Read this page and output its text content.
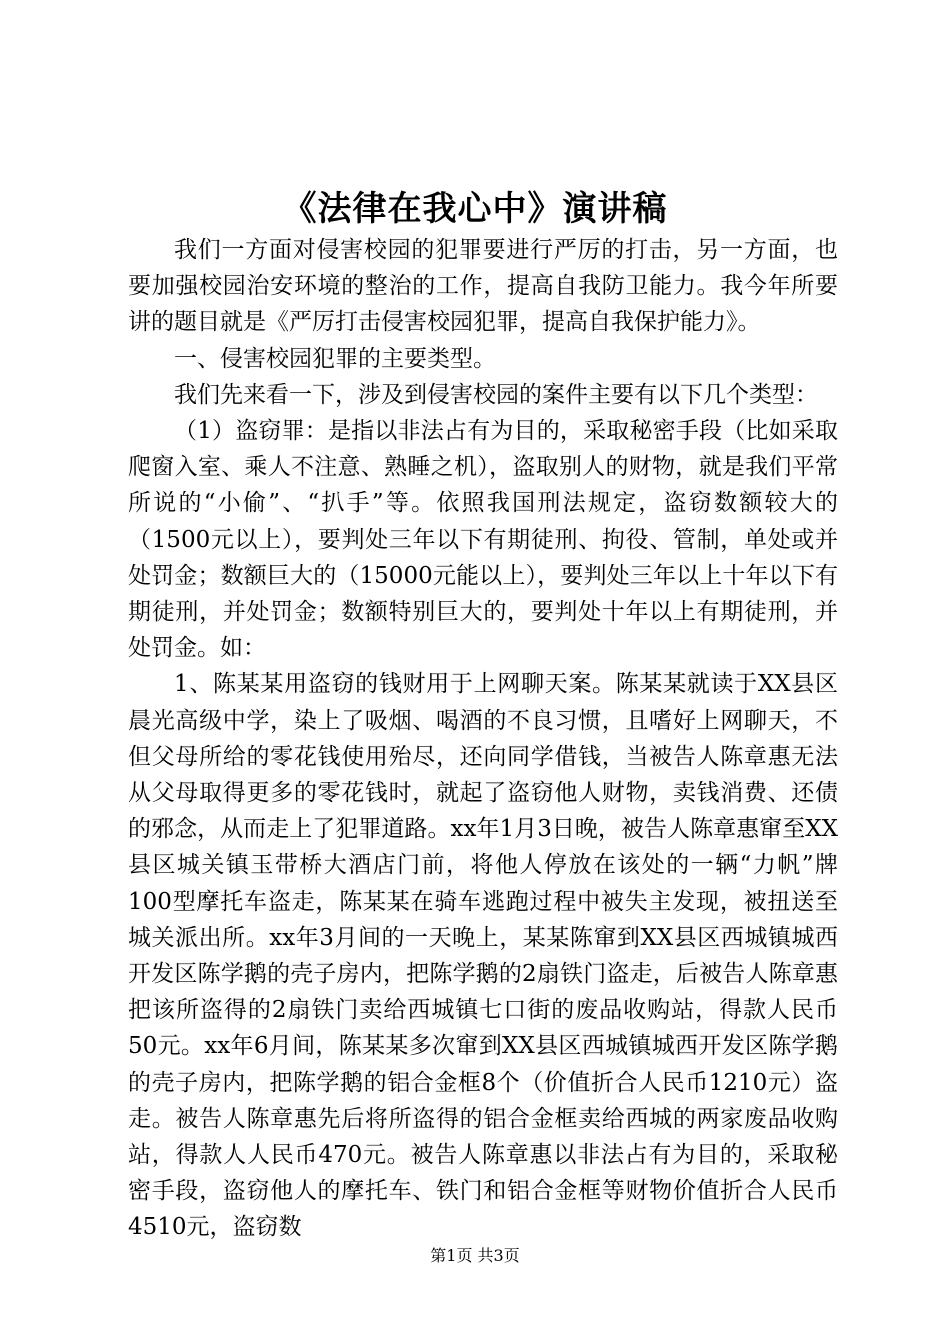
《法律在我心中》演讲稿

我们一方面对侵害校园的犯罪要进行严厉的打击，另一方面，也要加强校园治安环境的整治的工作，提高自我防卫能力。我今年所要讲的题目就是《严厉打击侵害校园犯罪，提高自我保护能力》。

一、侵害校园犯罪的主要类型。

我们先来看一下，涉及到侵害校园的案件主要有以下几个类型：

（1）盗窃罪：是指以非法占有为目的，采取秘密手段（比如采取爬窗入室、乘人不注意、熟睡之机），盗取别人的财物，就是我们平常所说的“小偷”、“扒手”等。依照我国刑法规定，盗窃数额较大的（1500元以上），要判处三年以下有期徒刑、拘役、管制，单处或并处罚金；数额巨大的（15000元能以上），要判处三年以上十年以下有期徒刑，并处罚金；数额特别巨大的，要判处十年以上有期徒刑，并处罚金。如：

1、陈某某用盗窃的钱财用于上网聊天案。陈某某就读于XX县区晨光高级中学，染上了吸烟、喝酒的不良习惯，且嗜好上网聊天，不但父母所给的零花钱使用殆尽，还向同学借钱，当被告人陈章惠无法从父母取得更多的零花钱时，就起了盗窃他人财物，卖钱消费、还债的邪念，从而走上了犯罪道路。xx年1月3日晚，被告人陈章惠窜至XX县区城关镇玉带桥大酒店门前，将他人停放在该处的一辆“力帆”牌100型摩托车盗走，陈某某在骑车逃跑过程中被失主发现，被扭送至城关派出所。xx年3月间的一天晚上，某某陈窜到XX县区西城镇城西开发区陈学鹅的壳子房内，把陈学鹅的2扇铁门盗走，后被告人陈章惠把该所盗得的2扇铁门卖给西城镇七口街的废品收购站，得款人民币50元。xx年6月间，陈某某多次窜到XX县区西城镇城西开发区陈学鹅的壳子房内，把陈学鹅的铝合金框8个（价值折合人民币1210元）盗走。被告人陈章惠先后将所盗得的铝合金框卖给西城的两家废品收购站，得款人人民币470元。被告人陈章惠以非法占有为目的，采取秘密手段，盗窃他人的摩托车、铁门和铝合金框等财物价值折合人民币4510元，盗窃数

第1页 共3页
